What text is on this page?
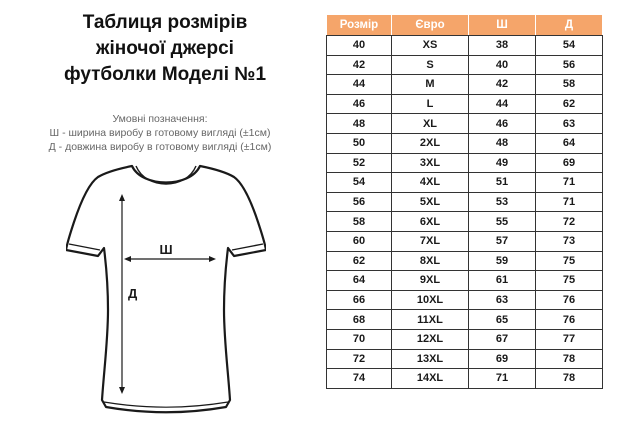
Таблиця розмірів
жіночої джерсі
футболки Моделі №1
Умовні позначення:
Ш - ширина виробу в готовому вигляді (±1см)
Д - довжина виробу в готовому вигляді (±1см)
Ш
Д
Розмір	Євро	Ш	Д
40	XS	38	54
42	S	40	56
44	M	42	58
46	L	44	62
48	XL	46	63
50	2XL	48	64
52	3XL	49	69
54	4XL	51	71
56	5XL	53	71
58	6XL	55	72
60	7XL	57	73
62	8XL	59	75
64	9XL	61	75
66	10XL	63	76
68	11XL	65	76
70	12XL	67	77
72	13XL	69	78
74	14XL	71	78
